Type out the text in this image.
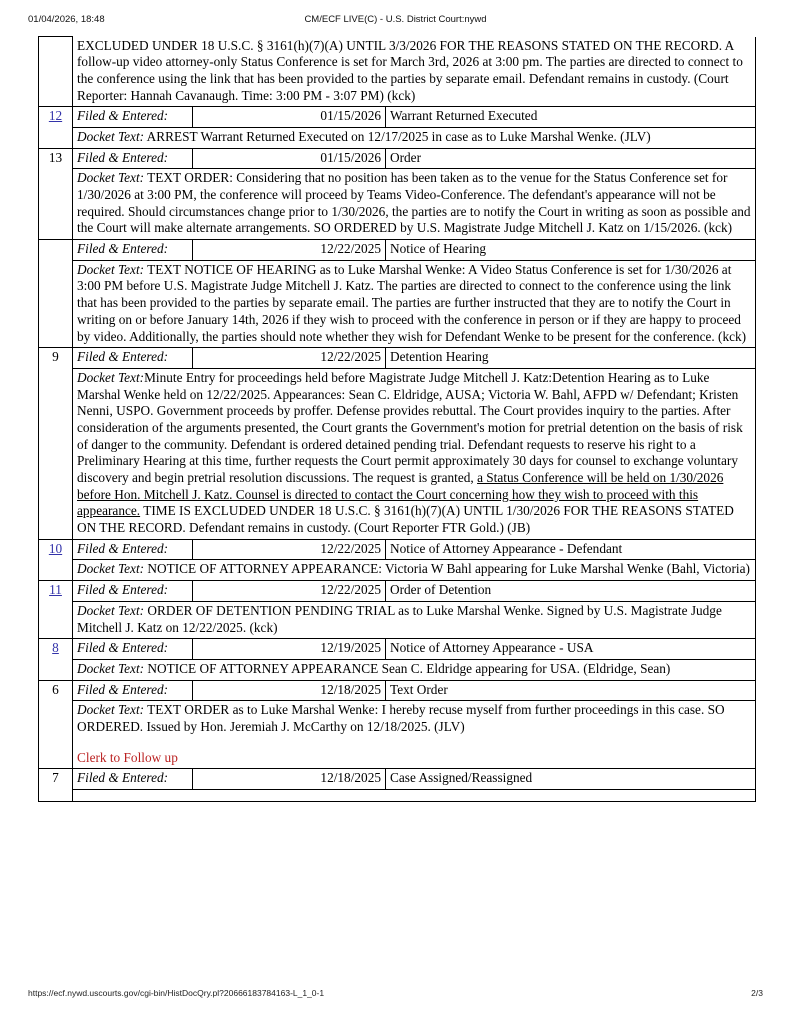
01/04/2026, 18:48	CM/ECF LIVE(C) - U.S. District Court:nywd
	EXCLUDED UNDER 18 U.S.C. § 3161(h)(7)(A) UNTIL 3/3/2026 FOR THE REASONS STATED ON THE RECORD. A follow-up video attorney-only Status Conference is set for March 3rd, 2026 at 3:00 pm. The parties are directed to connect to the conference using the link that has been provided to the parties by separate email. Defendant remains in custody. (Court Reporter: Hannah Cavanaugh. Time: 3:00 PM - 3:07 PM) (kck)		
12	Filed & Entered:	01/15/2026	Warrant Returned Executed
	Docket Text: ARREST Warrant Returned Executed on 12/17/2025 in case as to Luke Marshal Wenke. (JLV)		
13	Filed & Entered:	01/15/2026	Order
	Docket Text: TEXT ORDER: Considering that no position has been taken as to the venue for the Status Conference set for 1/30/2026 at 3:00 PM, the conference will proceed by Teams Video-Conference. The defendant's appearance will not be required. Should circumstances change prior to 1/30/2026, the parties are to notify the Court in writing as soon as possible and the Court will make alternate arrangements. SO ORDERED by U.S. Magistrate Judge Mitchell J. Katz on 1/15/2026. (kck)		
	Filed & Entered:	12/22/2025	Notice of Hearing
	Docket Text: TEXT NOTICE OF HEARING as to Luke Marshal Wenke: A Video Status Conference is set for 1/30/2026 at 3:00 PM before U.S. Magistrate Judge Mitchell J. Katz. The parties are directed to connect to the conference using the link that has been provided to the parties by separate email. The parties are further instructed that they are to notify the Court in writing on or before January 14th, 2026 if they wish to proceed with the conference in person or if they are happy to proceed by video. Additionally, the parties should note whether they wish for Defendant Wenke to be present for the conference. (kck)		
9	Filed & Entered:	12/22/2025	Detention Hearing
	Docket Text:Minute Entry for proceedings held before Magistrate Judge Mitchell J. Katz:Detention Hearing as to Luke Marshal Wenke held on 12/22/2025. Appearances: Sean C. Eldridge, AUSA; Victoria W. Bahl, AFPD w/ Defendant; Kristen Nenni, USPO. Government proceeds by proffer. Defense provides rebuttal. The Court provides inquiry to the parties. After consideration of the arguments presented, the Court grants the Government's motion for pretrial detention on the basis of risk of danger to the community. Defendant is ordered detained pending trial. Defendant requests to reserve his right to a Preliminary Hearing at this time, further requests the Court permit approximately 30 days for counsel to exchange voluntary discovery and begin pretrial resolution discussions. The request is granted, a Status Conference will be held on 1/30/2026 before Hon. Mitchell J. Katz. Counsel is directed to contact the Court concerning how they wish to proceed with this appearance. TIME IS EXCLUDED UNDER 18 U.S.C. § 3161(h)(7)(A) UNTIL 1/30/2026 FOR THE REASONS STATED ON THE RECORD. Defendant remains in custody. (Court Reporter FTR Gold.) (JB)		
10	Filed & Entered:	12/22/2025	Notice of Attorney Appearance - Defendant
	Docket Text: NOTICE OF ATTORNEY APPEARANCE: Victoria W Bahl appearing for Luke Marshal Wenke (Bahl, Victoria)		
11	Filed & Entered:	12/22/2025	Order of Detention
	Docket Text: ORDER OF DETENTION PENDING TRIAL as to Luke Marshal Wenke. Signed by U.S. Magistrate Judge Mitchell J. Katz on 12/22/2025. (kck)		
8	Filed & Entered:	12/19/2025	Notice of Attorney Appearance - USA
	Docket Text: NOTICE OF ATTORNEY APPEARANCE Sean C. Eldridge appearing for USA. (Eldridge, Sean)		
6	Filed & Entered:	12/18/2025	Text Order
	Docket Text: TEXT ORDER as to Luke Marshal Wenke: I hereby recuse myself from further proceedings in this case. SO ORDERED. Issued by Hon. Jeremiah J. McCarthy on 12/18/2025. (JLV)
Clerk to Follow up		

7	Filed & Entered:	12/18/2025	Case Assigned/Reassigned

https://ecf.nywd.uscourts.gov/cgi-bin/HistDocQry.pl?20666183784163-L_1_0-1	2/3
